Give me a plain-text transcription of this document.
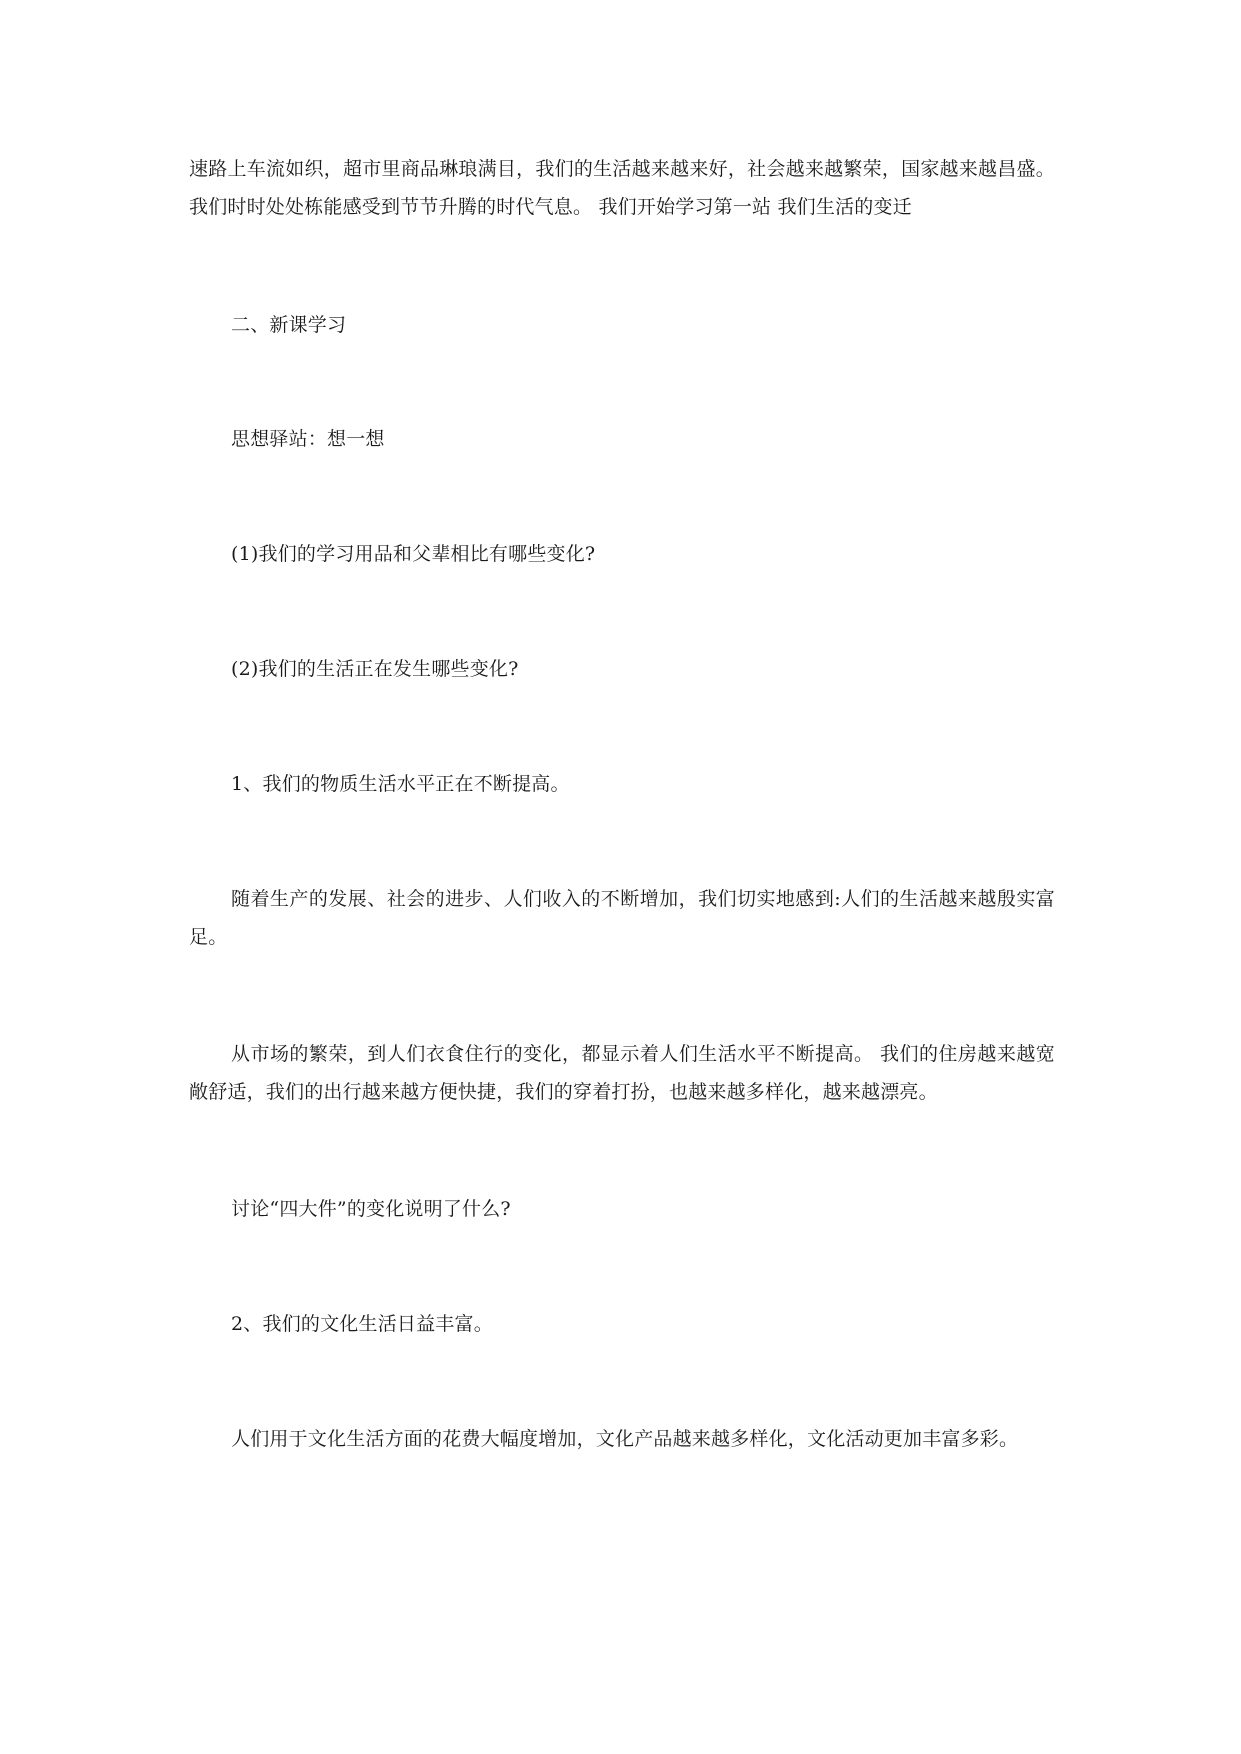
速路上车流如织，超市里商品琳琅满目，我们的生活越来越来好，社会越来越繁荣，国家越来越昌盛。我们时时处处栋能感受到节节升腾的时代气息。 我们开始学习第一站 我们生活的变迁

二、新课学习

思想驿站：想一想

(1)我们的学习用品和父辈相比有哪些变化?

(2)我们的生活正在发生哪些变化?

1、我们的物质生活水平正在不断提高。

随着生产的发展、社会的进步、人们收入的不断增加，我们切实地感到:人们的生活越来越殷实富足。

从市场的繁荣，到人们衣食住行的变化，都显示着人们生活水平不断提高。 我们的住房越来越宽敞舒适，我们的出行越来越方便快捷，我们的穿着打扮，也越来越多样化，越来越漂亮。

讨论“四大件”的变化说明了什么?

2、我们的文化生活日益丰富。

人们用于文化生活方面的花费大幅度增加，文化产品越来越多样化，文化活动更加丰富多彩。
